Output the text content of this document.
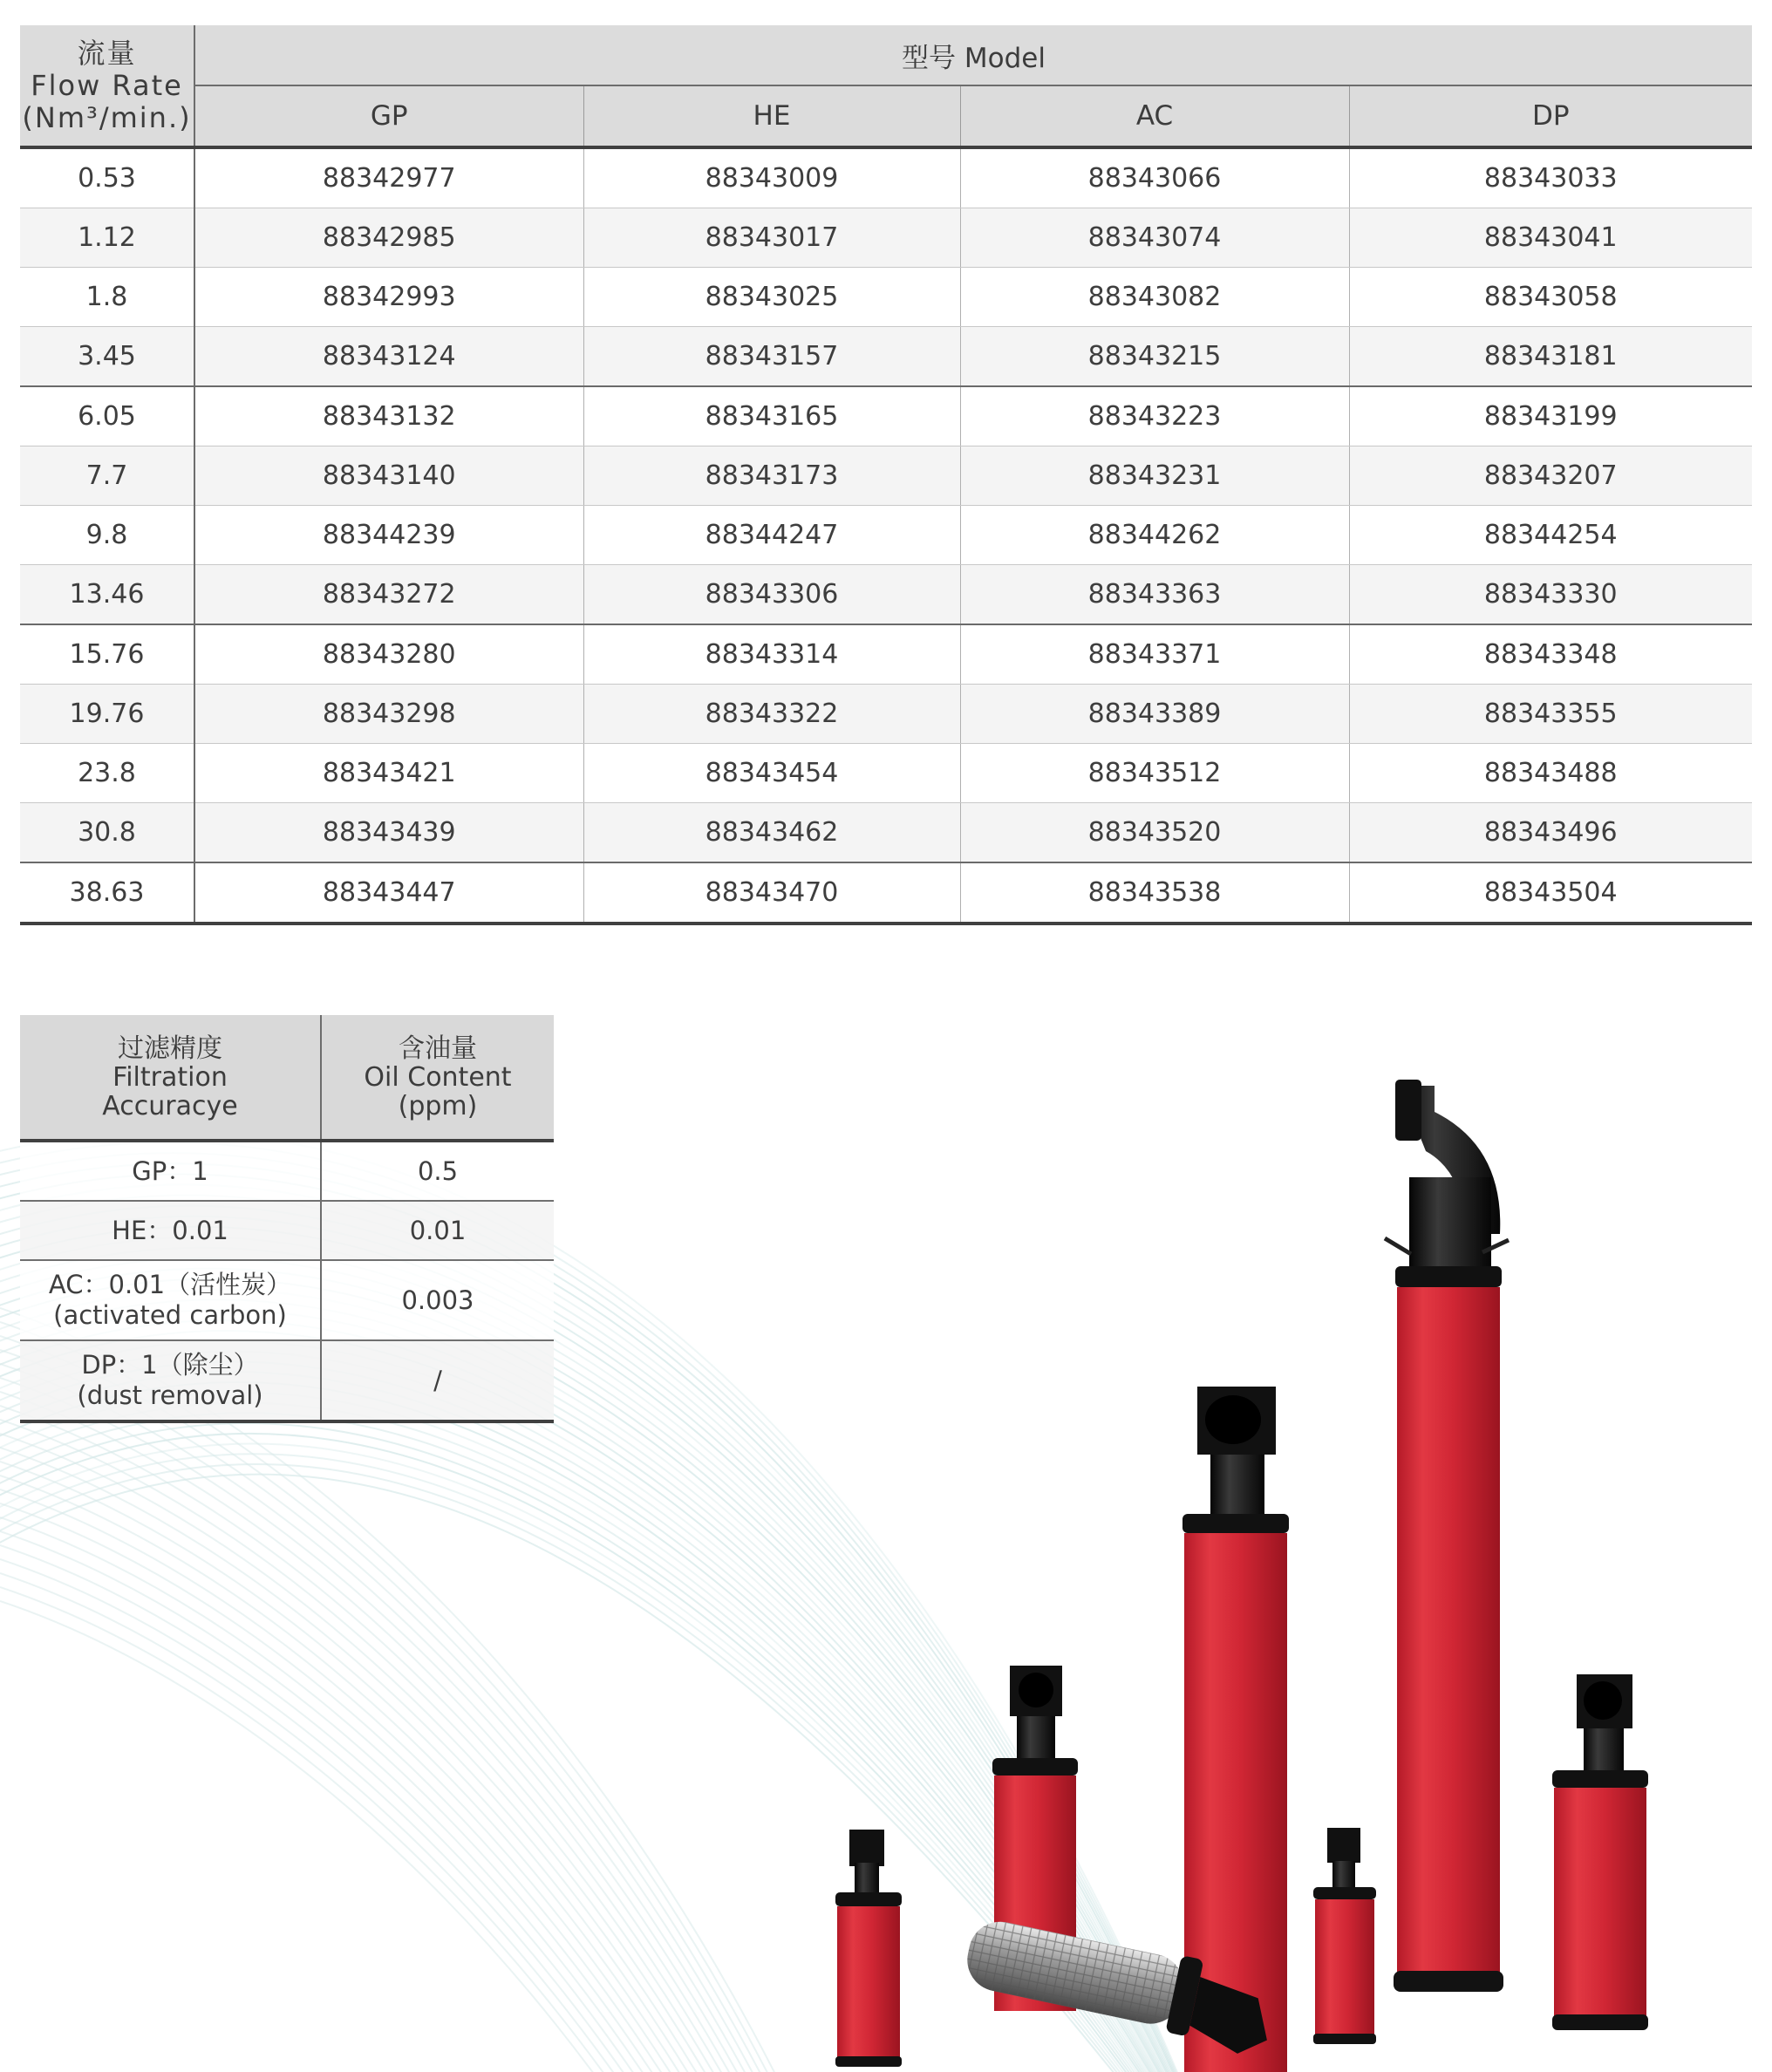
流量
Flow Rate
(Nm³/min.)	型号 Model			
	GP	HE	AC	DP
0.53	88342977	88343009	88343066	88343033
1.12	88342985	88343017	88343074	88343041
1.8	88342993	88343025	88343082	88343058
3.45	88343124	88343157	88343215	88343181
6.05	88343132	88343165	88343223	88343199
7.7	88343140	88343173	88343231	88343207
9.8	88344239	88344247	88344262	88344254
13.46	88343272	88343306	88343363	88343330
15.76	88343280	88343314	88343371	88343348
19.76	88343298	88343322	88343389	88343355
23.8	88343421	88343454	88343512	88343488
30.8	88343439	88343462	88343520	88343496
38.63	88343447	88343470	88343538	88343504
过滤精度
Filtration
Accuracye	含油量
Oil Content
(ppm)

GP：1	0.5

HE：0.01	0.01

AC：0.01（活性炭）
(activated carbon)	0.003

DP：1（除尘）
(dust removal)	/
